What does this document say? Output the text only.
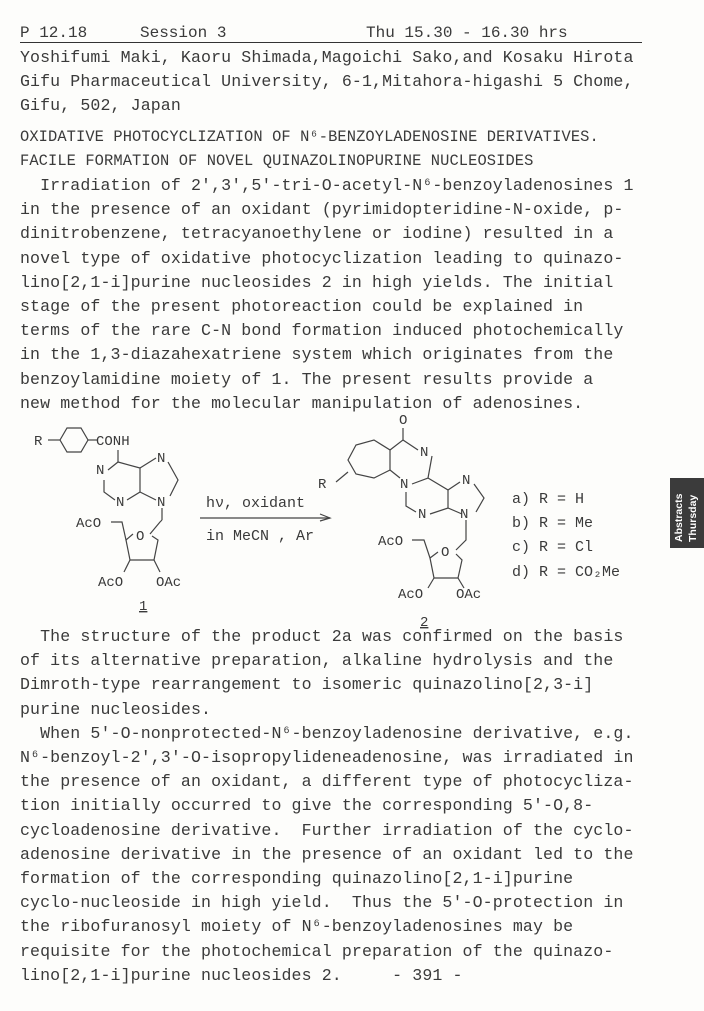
P 12.18

	Session 3

	Thu 15.30 - 16.30 hrs

Yoshifumi Maki, Kaoru Shimada,Magoichi Sako,and Kosaku Hirota
Gifu Pharmaceutical University, 6-1,Mitahora-higashi 5 Chome,
Gifu, 502, Japan
OXIDATIVE PHOTOCYCLIZATION OF N⁶-BENZOYLADENOSINE DERIVATIVES.
FACILE FORMATION OF NOVEL QUINAZOLINOPURINE NUCLEOSIDES
Irradiation of 2',3',5'-tri-O-acetyl-N⁶-benzoyladenosines 1
in the presence of an oxidant (pyrimidopteridine-N-oxide, p-
dinitrobenzene, tetracyanoethylene or iodine) resulted in a
novel type of oxidative photocyclization leading to quinazo-
lino[2,1-i]purine nucleosides 2 in high yields. The initial
stage of the present photoreaction could be explained in
terms of the rare C-N bond formation induced photochemically
in the 1,3-diazahexatriene system which originates from the
benzoylamidine moiety of 1. The present results provide a
new method for the molecular manipulation of adenosines.
R	CONH
N
N
N N
AcO
O
AcO OAc
1
hν, oxidant
in MeCN , Ar
O
N
R	N	N
N N
AcO
O
AcO OAc
2
a) R = H
b) R = Me
c) R = Cl
d) R = CO₂Me
The structure of the product 2a was confirmed on the basis
of its alternative preparation, alkaline hydrolysis and the
Dimroth-type rearrangement to isomeric quinazolino[2,3-i]
purine nucleosides.
When 5'-O-nonprotected-N⁶-benzoyladenosine derivative, e.g.
N⁶-benzoyl-2',3'-O-isopropylideneadenosine, was irradiated in
the presence of an oxidant, a different type of photocycliza-
tion initially occurred to give the corresponding 5'-O,8-
cycloadenosine derivative.  Further irradiation of the cyclo-
adenosine derivative in the presence of an oxidant led to the
formation of the corresponding quinazolino[2,1-i]purine
cyclo-nucleoside in high yield.  Thus the 5'-O-protection in
the ribofuranosyl moiety of N⁶-benzoyladenosines may be
requisite for the photochemical preparation of the quinazo-
lino[2,1-i]purine nucleosides 2.     - 391 -
Abstracts Thursday
